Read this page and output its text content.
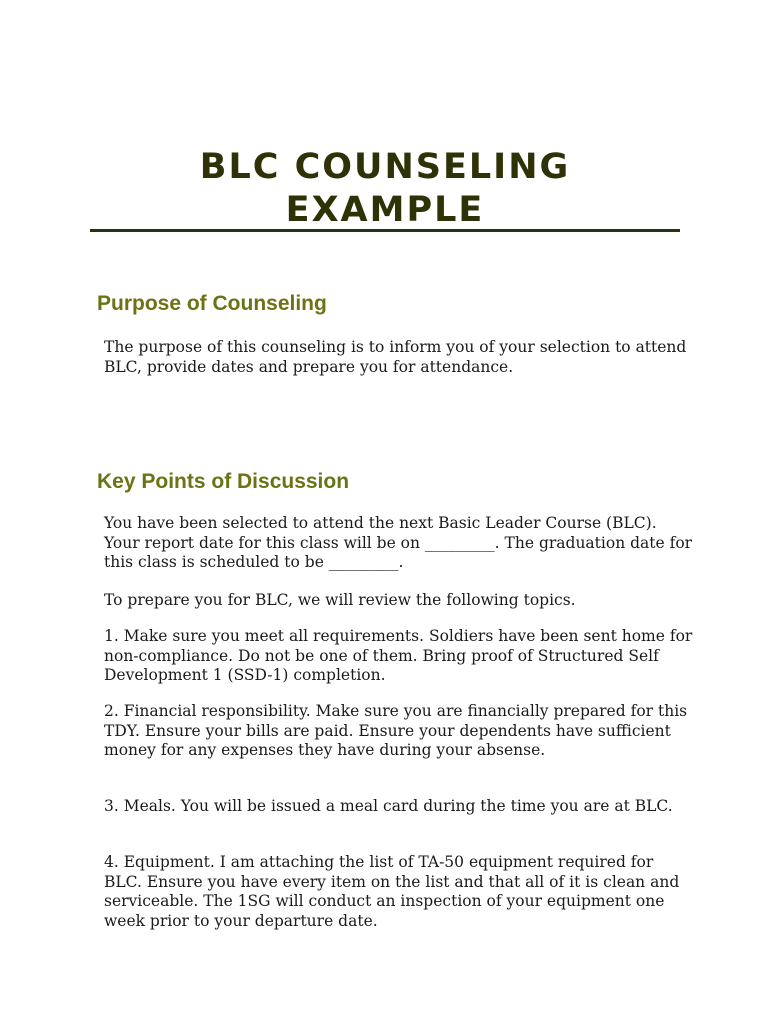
BLC COUNSELING
EXAMPLE
Purpose of Counseling

The purpose of this counseling is to inform you of your selection to attend BLC, provide dates and prepare you for attendance.

Key Points of Discussion

You have been selected to attend the next Basic Leader Course (BLC). Your report date for this class will be on _________. The graduation date for this class is scheduled to be _________.

To prepare you for BLC, we will review the following topics.

1. Make sure you meet all requirements. Soldiers have been sent home for non-compliance. Do not be one of them. Bring proof of Structured Self Development 1 (SSD-1) completion.

2. Financial responsibility. Make sure you are financially prepared for this TDY. Ensure your bills are paid. Ensure your dependents have sufficient money for any expenses they have during your absense.

3. Meals. You will be issued a meal card during the time you are at BLC.

4. Equipment. I am attaching the list of TA-50 equipment required for BLC. Ensure you have every item on the list and that all of it is clean and serviceable. The 1SG will conduct an inspection of your equipment one week prior to your departure date.
